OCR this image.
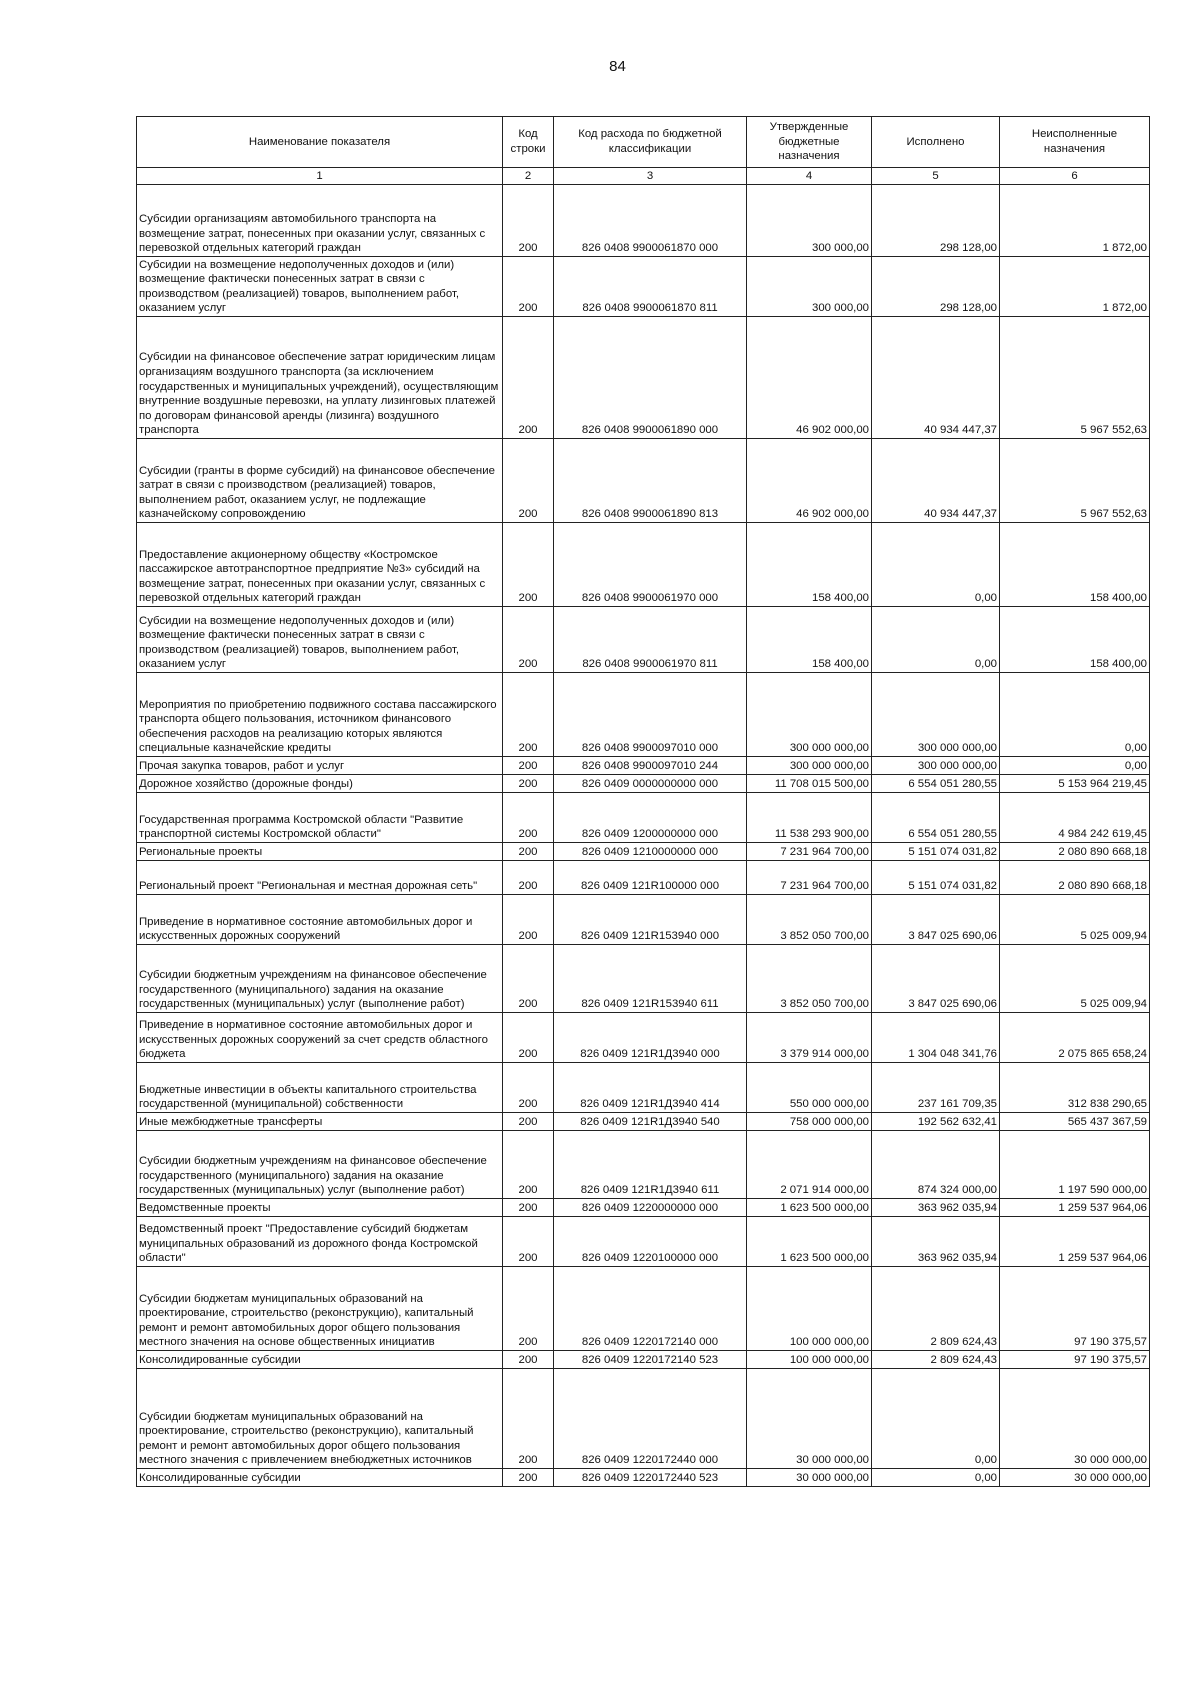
84
Наименование показателя	Код строки	Код расхода по бюджетной классификации	Утвержденные бюджетные назначения	Исполнено	Неисполненные назначения
1	2	3	4	5	6
Субсидии организациям автомобильного транспорта на возмещение затрат, понесенных при оказании услуг, связанных с перевозкой отдельных категорий граждан	200	826 0408 9900061870 000	300 000,00	298 128,00	1 872,00
Субсидии на возмещение недополученных доходов и (или) возмещение фактически понесенных затрат в связи с производством (реализацией) товаров, выполнением работ, оказанием услуг	200	826 0408 9900061870 811	300 000,00	298 128,00	1 872,00
Субсидии на финансовое обеспечение затрат юридическим лицам организациям воздушного транспорта (за исключением государственных и муниципальных учреждений), осуществляющим внутренние воздушные перевозки, на уплату лизинговых платежей по договорам финансовой аренды (лизинга) воздушного транспорта	200	826 0408 9900061890 000	46 902 000,00	40 934 447,37	5 967 552,63
Субсидии (гранты в форме субсидий) на финансовое обеспечение затрат в связи с производством (реализацией) товаров, выполнением работ, оказанием услуг, не подлежащие казначейскому сопровождению	200	826 0408 9900061890 813	46 902 000,00	40 934 447,37	5 967 552,63
Предоставление акционерному обществу «Костромское пассажирское автотранспортное предприятие №3» субсидий на возмещение затрат, понесенных при оказании услуг, связанных с перевозкой отдельных категорий граждан	200	826 0408 9900061970 000	158 400,00	0,00	158 400,00
Субсидии на возмещение недополученных доходов и (или) возмещение фактически понесенных затрат в связи с производством (реализацией) товаров, выполнением работ, оказанием услуг	200	826 0408 9900061970 811	158 400,00	0,00	158 400,00
Мероприятия по приобретению подвижного состава пассажирского транспорта общего пользования, источником финансового обеспечения расходов на реализацию которых являются специальные казначейские кредиты	200	826 0408 9900097010 000	300 000 000,00	300 000 000,00	0,00
Прочая закупка товаров, работ и услуг	200	826 0408 9900097010 244	300 000 000,00	300 000 000,00	0,00
Дорожное хозяйство (дорожные фонды)	200	826 0409 0000000000 000	11 708 015 500,00	6 554 051 280,55	5 153 964 219,45
Государственная программа Костромской области "Развитие транспортной системы Костромской области"	200	826 0409 1200000000 000	11 538 293 900,00	6 554 051 280,55	4 984 242 619,45
Региональные проекты	200	826 0409 1210000000 000	7 231 964 700,00	5 151 074 031,82	2 080 890 668,18
Региональный проект "Региональная и местная дорожная сеть"	200	826 0409 121R100000 000	7 231 964 700,00	5 151 074 031,82	2 080 890 668,18
Приведение в нормативное состояние автомобильных дорог и искусственных дорожных сооружений	200	826 0409 121R153940 000	3 852 050 700,00	3 847 025 690,06	5 025 009,94
Субсидии бюджетным учреждениям на финансовое обеспечение государственного (муниципального) задания на оказание государственных (муниципальных) услуг (выполнение работ)	200	826 0409 121R153940 611	3 852 050 700,00	3 847 025 690,06	5 025 009,94
Приведение в нормативное состояние автомобильных дорог и искусственных дорожных сооружений за счет средств областного бюджета	200	826 0409 121R1Д3940 000	3 379 914 000,00	1 304 048 341,76	2 075 865 658,24
Бюджетные инвестиции в объекты капитального строительства государственной (муниципальной) собственности	200	826 0409 121R1Д3940 414	550 000 000,00	237 161 709,35	312 838 290,65
Иные межбюджетные трансферты	200	826 0409 121R1Д3940 540	758 000 000,00	192 562 632,41	565 437 367,59
Субсидии бюджетным учреждениям на финансовое обеспечение государственного (муниципального) задания на оказание государственных (муниципальных) услуг (выполнение работ)	200	826 0409 121R1Д3940 611	2 071 914 000,00	874 324 000,00	1 197 590 000,00
Ведомственные проекты	200	826 0409 1220000000 000	1 623 500 000,00	363 962 035,94	1 259 537 964,06
Ведомственный проект "Предоставление субсидий бюджетам муниципальных образований из дорожного фонда Костромской области"	200	826 0409 1220100000 000	1 623 500 000,00	363 962 035,94	1 259 537 964,06
Субсидии бюджетам муниципальных образований на проектирование, строительство (реконструкцию), капитальный ремонт и ремонт автомобильных дорог общего пользования местного значения на основе общественных инициатив	200	826 0409 1220172140 000	100 000 000,00	2 809 624,43	97 190 375,57
Консолидированные субсидии	200	826 0409 1220172140 523	100 000 000,00	2 809 624,43	97 190 375,57
Субсидии бюджетам муниципальных образований на проектирование, строительство (реконструкцию), капитальный ремонт и ремонт автомобильных дорог общего пользования местного значения с привлечением внебюджетных источников	200	826 0409 1220172440 000	30 000 000,00	0,00	30 000 000,00
Консолидированные субсидии	200	826 0409 1220172440 523	30 000 000,00	0,00	30 000 000,00
